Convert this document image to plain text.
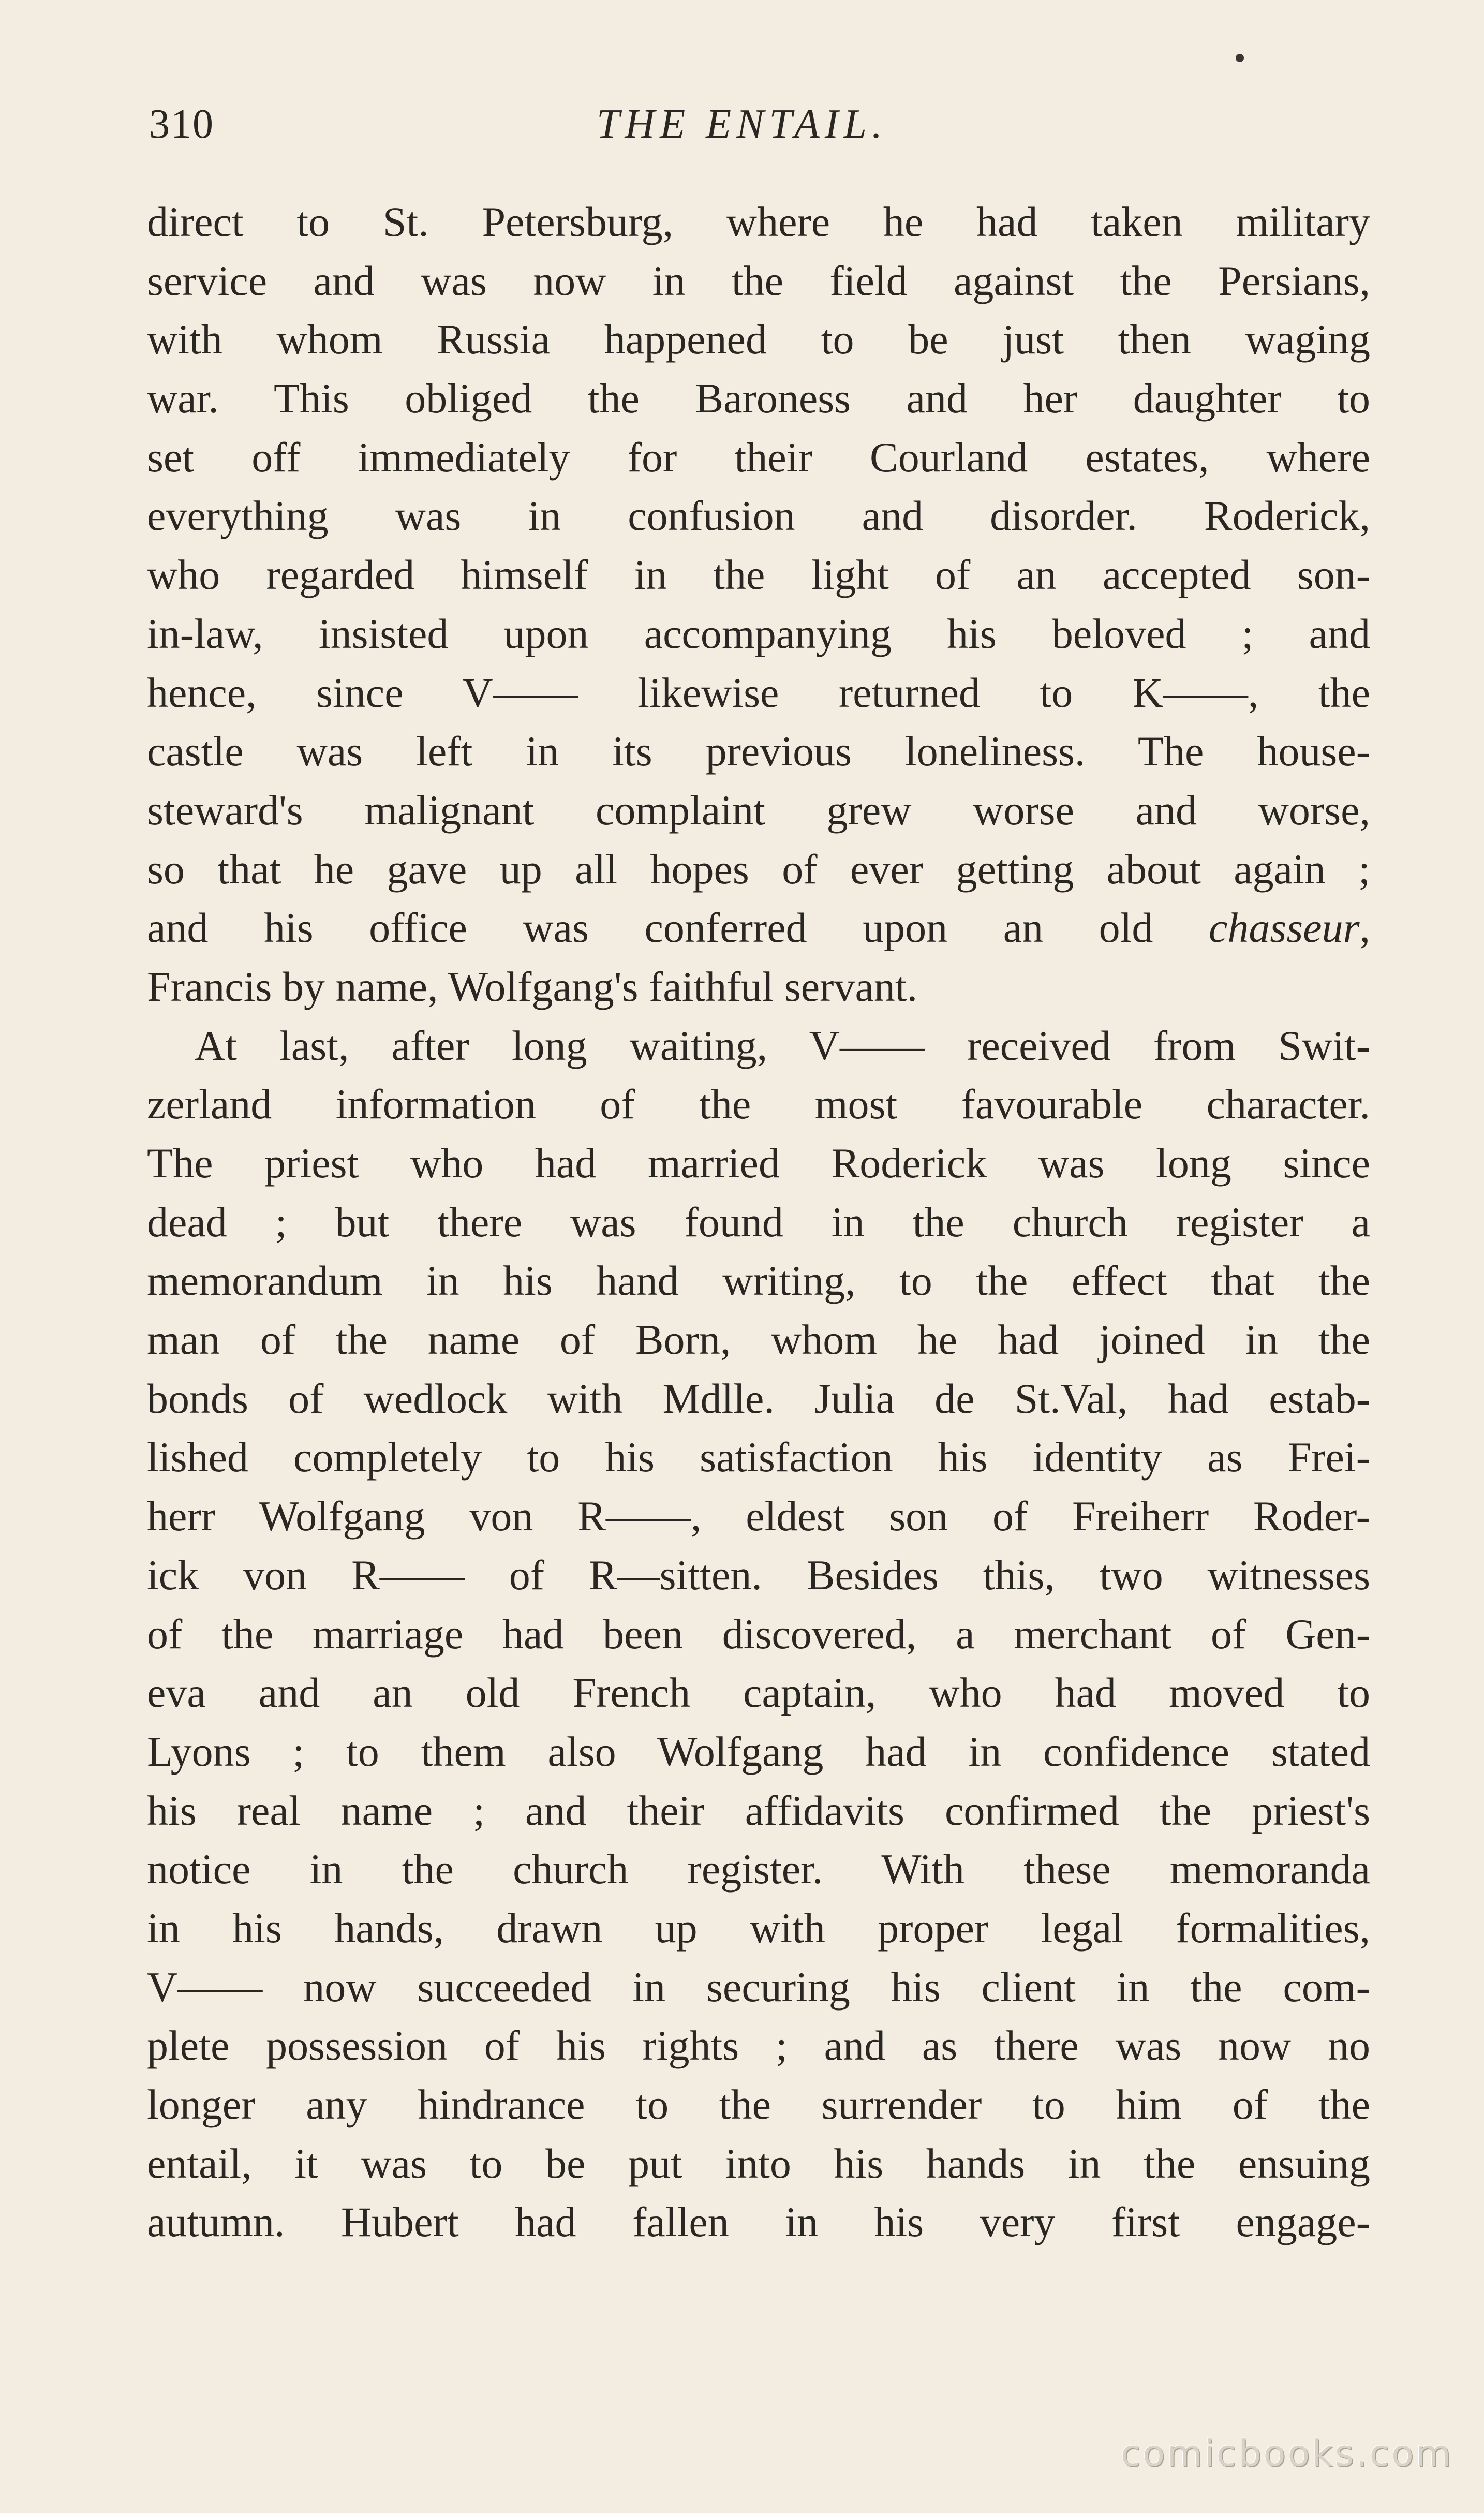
310	THE ENTAIL.
direct to St. Petersburg, where he had taken military
service and was now in the field against the Persians,
with whom Russia happened to be just then waging
war. This obliged the Baroness and her daughter to
set off immediately for their Courland estates, where
everything was in confusion and disorder. Roderick,
who regarded himself in the light of an accepted son-
in-law, insisted upon accompanying his beloved ; and
hence, since V—— likewise returned to K——, the
castle was left in its previous loneliness. The house-
steward's malignant complaint grew worse and worse,
so that he gave up all hopes of ever getting about again ;
and his office was conferred upon an old chasseur,
Francis by name, Wolfgang's faithful servant.
At last, after long waiting, V—— received from Swit-
zerland information of the most favourable character.
The priest who had married Roderick was long since
dead ; but there was found in the church register a
memorandum in his hand writing, to the effect that the
man of the name of Born, whom he had joined in the
bonds of wedlock with Mdlle. Julia de St.Val, had estab-
lished completely to his satisfaction his identity as Frei-
herr Wolfgang von R——, eldest son of Freiherr Roder-
ick von R—— of R—sitten. Besides this, two witnesses
of the marriage had been discovered, a merchant of Gen-
eva and an old French captain, who had moved to
Lyons ; to them also Wolfgang had in confidence stated
his real name ; and their affidavits confirmed the priest's
notice in the church register. With these memoranda
in his hands, drawn up with proper legal formalities,
V—— now succeeded in securing his client in the com-
plete possession of his rights ; and as there was now no
longer any hindrance to the surrender to him of the
entail, it was to be put into his hands in the ensuing
autumn. Hubert had fallen in his very first engage-
comicbooks.com
